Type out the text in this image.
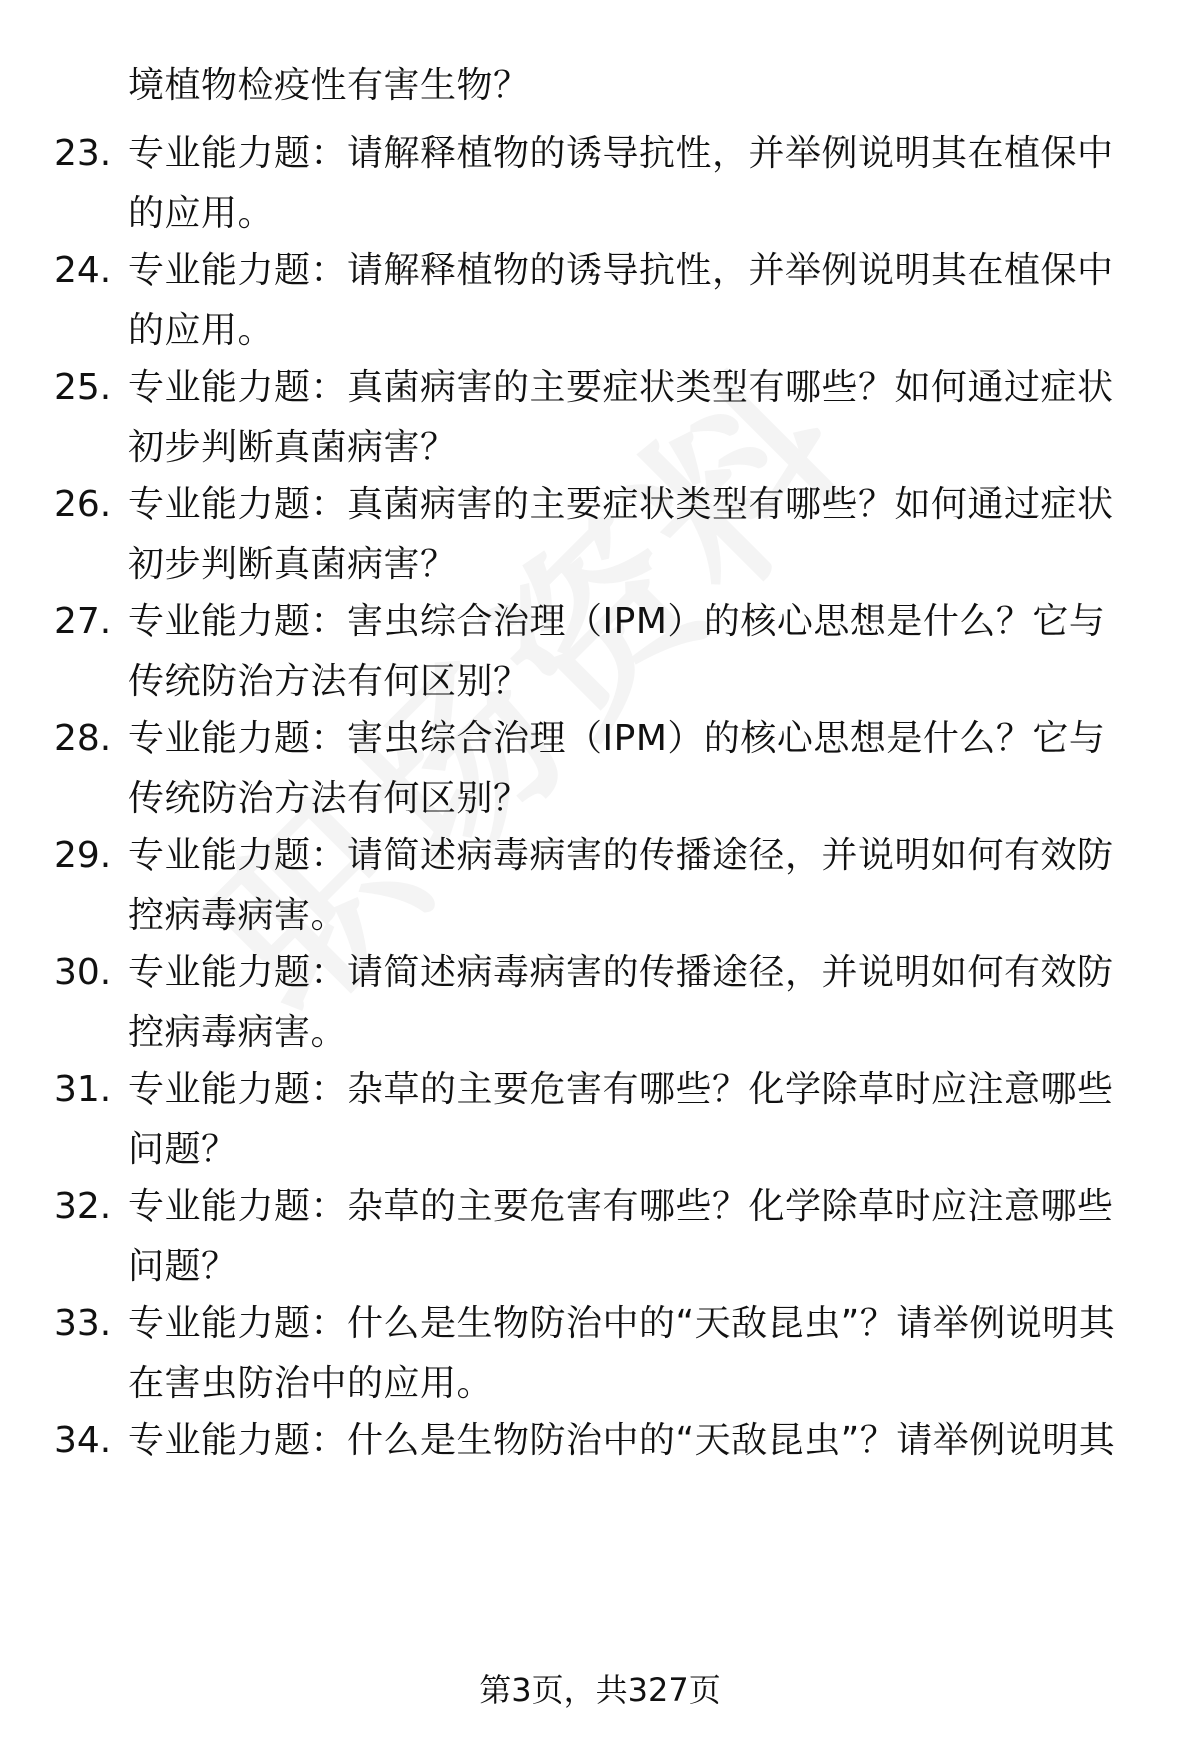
境植物检疫性有害生物？
23. 专业能力题：请解释植物的诱导抗性，并举例说明其在植保中的应用。
24. 专业能力题：请解释植物的诱导抗性，并举例说明其在植保中的应用。
25. 专业能力题：真菌病害的主要症状类型有哪些？如何通过症状初步判断真菌病害？
26. 专业能力题：真菌病害的主要症状类型有哪些？如何通过症状初步判断真菌病害？
27. 专业能力题：害虫综合治理（IPM）的核心思想是什么？它与传统防治方法有何区别？
28. 专业能力题：害虫综合治理（IPM）的核心思想是什么？它与传统防治方法有何区别？
29. 专业能力题：请简述病毒病害的传播途径，并说明如何有效防控病毒病害。
30. 专业能力题：请简述病毒病害的传播途径，并说明如何有效防控病毒病害。
31. 专业能力题：杂草的主要危害有哪些？化学除草时应注意哪些问题？
32. 专业能力题：杂草的主要危害有哪些？化学除草时应注意哪些问题？
33. 专业能力题：什么是生物防治中的“天敌昆虫”？请举例说明其在害虫防治中的应用。
34. 专业能力题：什么是生物防治中的“天敌昆虫”？请举例说明其
第3页，共327页
